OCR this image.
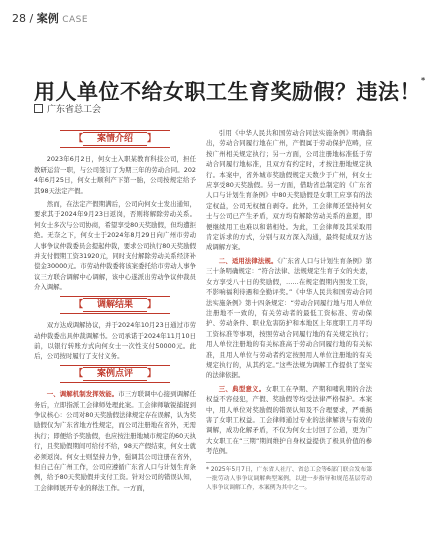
28 / 案例 CASE
用人单位不给女职工生育奖励假？违法！*
广东省总工会
【 案情介绍 】

2023年6月2日，何女士入职某教育科技公司，担任教研运营一职，与公司签订了为期三年的劳动合同。2024年6月25日，何女士顺利产下第一胎，公司按规定给予其98天法定产假。

然而，在法定产假期满后，公司向何女士发出通知，要求其于2024年9月23日返岗，否则将解除劳动关系。何女士多次与公司协商，希望享受80天奖励假，但均遭拒绝。无奈之下，何女士于2024年8月29日向广州市劳动人事争议仲裁委员会提起仲裁，要求公司执行80天奖励假并支付假期工资31920元，同时支付解除劳动关系经济补偿金30000元。市劳动仲裁委将该案委托给市劳动人事争议三方联合调解中心调解，该中心遂派出劳动争议仲裁员介入调解。

【 调解结果 】

双方达成调解协议，并于2024年10月23日通过市劳动仲裁委出具仲裁调解书。公司承诺于2024年11月10日前，以银行转账方式向何女士一次性支付50000元。此后，公司按时履行了支付义务。

【 案例点评 】

一、调解机制发挥效能。市三方联调中心接到调解任务后，立即指派工会律师处理此案。工会律师敏锐捕捉到争议核心：公司对80天奖励假法律规定存在误解，认为奖励假仅为广东省地方性规定，而公司注册地在省外，无需执行；即便给予奖励假，也应按注册地城市规定的60天执行，且奖励假期间可给付不给，98天产假结束，何女士就必须返岗。何女士则坚持力争，强调其公司注册在省外，但自己在广州工作，公司应遵循广东省人口与计划生育条例，给予80天奖励假并支付工资。针对公司的错误认知，工会律师展开专业的释法工作。一方面，

引用《中华人民共和国劳动合同法实施条例》明确指出，劳动合同履行地在广州，产假属于劳动保护范畴，应按广州相关规定执行；另一方面，公司注册地标准低于劳动合同履行地标准，且双方有约定时，才按注册地规定执行。本案中，省外城市奖励假规定天数少于广州，何女士应享受80天奖励假。另一方面，借助省总制定的《广东省人口与计划生育条例》中80天奖励假是女职工应享有的法定权益，公司无权擅自剥夺。此外，工会律师还坚持何女士与公司已产生矛盾，双方均有解除劳动关系的意愿，即便继续用工也难以和谐相处。为此，工会律师及其采取用肯定诉求的方式，分别与双方深入沟通，最终促成双方达成调解方案。

二、适用法律法规。《广东省人口与计划生育条例》第三十条明确规定：“符合法律、法规规定生育子女的夫妻，女方享受八十日的奖励假，……在规定假期内照发工资，不影响福利待遇和全勤评奖。”《中华人民共和国劳动合同法实施条例》第十四条规定：“劳动合同履行地与用人单位注册地不一致的，有关劳动者的最低工资标准、劳动保护、劳动条件、职业危害防护和本地区上年度职工月平均工资标准等事项，按照劳动合同履行地的有关规定执行；用人单位注册地的有关标准高于劳动合同履行地的有关标准，且用人单位与劳动者约定按照用人单位注册地的有关规定执行的，从其约定。”这些法规为调解工作提供了坚实的法律依据。

三、典型意义。女职工在孕期、产期和哺乳期的合法权益不容侵犯，产假、奖励假等均受法律严格保护。本案中，用人单位对奖励假的错误认知及不合理要求，严重损害了女职工权益。工会律师通过专业的法律解读与有效的调解，成功化解矛盾，不仅为何女士讨回了公道，更为广大女职工在“三期”期间维护自身权益提供了极具价值的参考范例。

* 2025年5月7日，广东省人社厅、省总工会等6部门联合发布第一批劳动人事争议调解典型案例，以进一步指导和规范基层劳动人事争议调解工作，本案例为其中之一。
